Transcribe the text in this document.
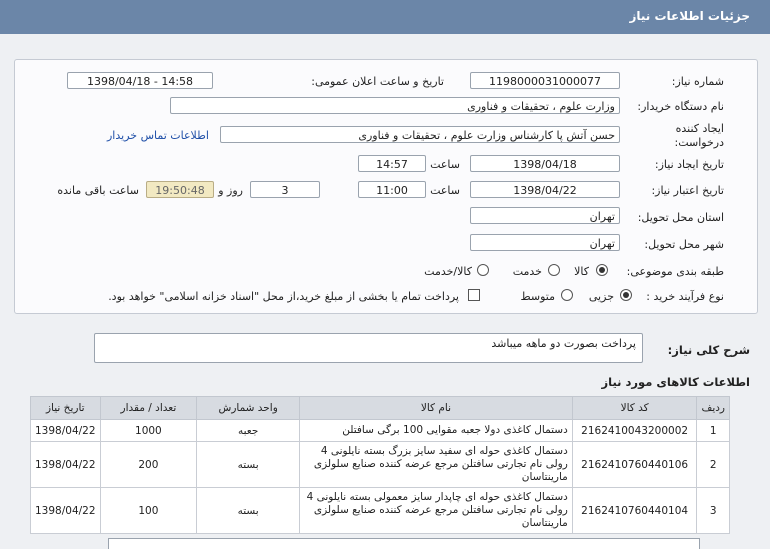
جزئیات اطلاعات نیاز
شماره نیاز:
1198000031000077
تاریخ و ساعت اعلان عمومی:
1398/04/18 - 14:58
نام دستگاه خریدار:
وزارت علوم ، تحقیقات و فناوری
ایجاد کننده
درخواست:
حسن آتش پا کارشناس وزارت علوم ، تحقیقات و فناوری
اطلاعات تماس خریدار
تاریخ ایجاد نیاز:
1398/04/18
ساعت
14:57
تاریخ اعتبار نیاز:
1398/04/22
ساعت
11:00
3
روز و
19:50:48
ساعت باقی مانده
استان محل تحویل:
تهران
شهر محل تحویل:
تهران
طبقه بندی موضوعی:
کالا
خدمت
کالا/خدمت
نوع فرآیند خرید :
جزیی
متوسط
پرداخت تمام یا بخشی از مبلغ خرید،از محل "اسناد خزانه اسلامی" خواهد بود.
شرح کلی نیاز:
پرداخت بصورت دو ماهه میباشد
اطلاعات کالاهای مورد نیاز
ردیف	کد کالا	نام کالا	واحد شمارش	تعداد / مقدار	تاریخ نیاز
1	2162410043200002	دستمال کاغذی دولا جعبه مقوایی 100 برگی سافتلن	جعبه	1000	1398/04/22
2	2162410760440106	دستمال کاغذی حوله ای سفید سایز بزرگ بسته نایلونی 4 رولی نام تجارتی سافتلن مرجع عرضه کننده صنایع سلولزی مارینتاسان	بسته	200	1398/04/22
3	2162410760440104	دستمال کاغذی حوله ای چاپدار سایز معمولی بسته نایلونی 4 رولی نام تجارتی سافتلن مرجع عرضه کننده صنایع سلولزی مارینتاسان	بسته	100	1398/04/22
